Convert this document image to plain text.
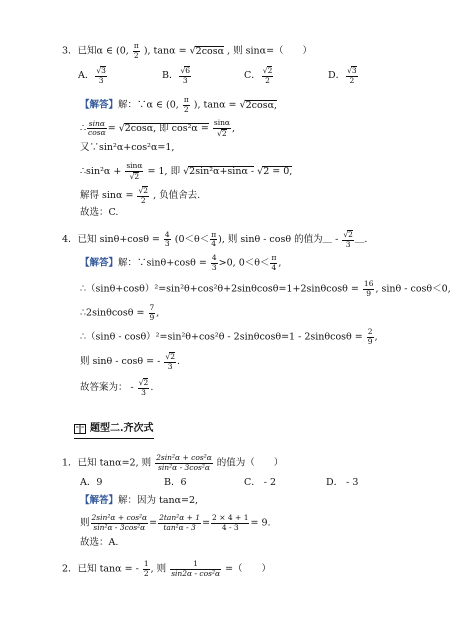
3．已知α ∈ (0, $\frac{\pi}{2}$ ), tanα = √2cosα , 则 sinα=（　　）
A． $\frac{√3}{3}$	B． $\frac{√6}{3}$	C． $\frac{√2}{2}$	D． $\frac{√3}{2}$
【解答】解：∵α ∈ (0, $\frac{\pi}{2}$ ), tanα = √2cosα,
∴ $\frac{\sin\alpha}{\cos\alpha} = √2\cos\alpha$, 即 $\cos^2\alpha = \frac{\sin\alpha}{√2}$ ,
又∵sin²α+cos²α=1,
∴sin²α + $\frac{\sin\alpha}{√2} = 1$, 即 √2sin²α+sinα - √2 = 0,
解得 $\sin\alpha = \frac{√2}{2}$ , 负值舍去.
故选：C.
4．已知 $\sin\theta+\cos\theta = \frac{4}{3} (0<\theta< \frac{\pi}{4}$ ), 则 sinθ - cosθ 的值为＿ - $\frac{√2}{3}$ ＿.
【解答】解：∵sinθ+cosθ = $\frac{4}{3} >0$, $0<\theta< \frac{\pi}{4}$ ,
∴（sinθ+cosθ）²=sin²θ+cos²θ+2sinθcosθ=1+2sinθcosθ = $\frac{16}{9}$ , sinθ - cosθ＜0,
∴2sinθcosθ = $\frac{7}{9}$ ,
∴（sinθ - $\cos\theta)^2=\sin^2\theta+\cos^2\theta - 2\sin\theta\cos\theta=1 - 2\sin\theta\cos\theta = \frac{2}{9}$ ,
则 sinθ - cosθ = - $\frac{√2}{3}$ .
故答案为： - $\frac{√2}{3}$ .
题型二.齐次式
1．已知 tanα=2, 则 $\frac{\text{2sin²α + cos²α}}{\text{sin²α - 3cos²α}}$ 的值为（　　）
A．9	B．6	C． - 2	D． - 3
【解答】解：因为 tanα=2,
则 $\frac{\text{2sin²α + cos²α}}{\text{sin²α - 3cos²α}} = \frac{\text{2tan²α + 1}}{\text{tan²α - 3}} = \frac{2 \times 4 + 1}{4 - 3} = 9$.
故选：A.
2．已知 tanα = - $\frac{1}{2}$ , 则 $\frac{1}{\text{sin2α - cos²α}}$ =（　　）
